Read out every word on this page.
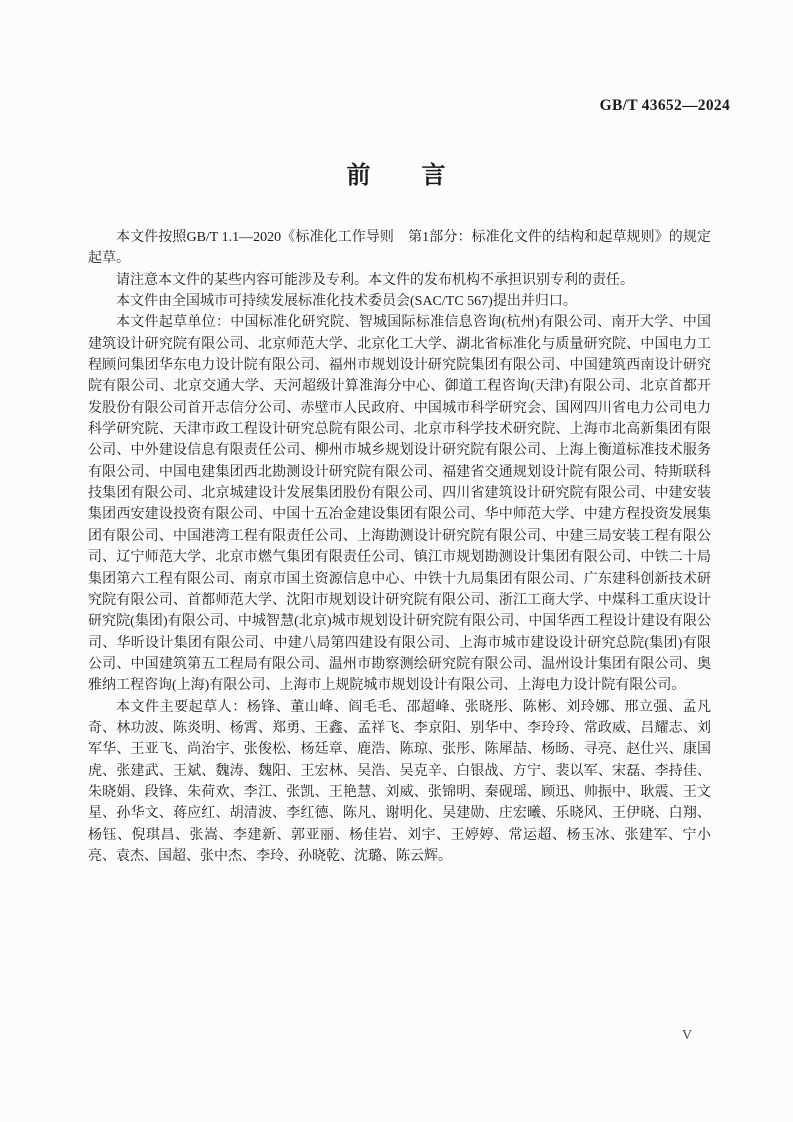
GB/T 43652—2024
前　　言

本文件按照GB/T 1.1—2020《标准化工作导则　第1部分：标准化文件的结构和起草规则》的规定起草。

请注意本文件的某些内容可能涉及专利。本文件的发布机构不承担识别专利的责任。

本文件由全国城市可持续发展标准化技术委员会(SAC/TC 567)提出并归口。

本文件起草单位：中国标准化研究院、智城国际标准信息咨询(杭州)有限公司、南开大学、中国建筑设计研究院有限公司、北京师范大学、北京化工大学、湖北省标准化与质量研究院、中国电力工程顾问集团华东电力设计院有限公司、福州市规划设计研究院集团有限公司、中国建筑西南设计研究院有限公司、北京交通大学、天河超级计算淮海分中心、御道工程咨询(天津)有限公司、北京首都开发股份有限公司首开志信分公司、赤壁市人民政府、中国城市科学研究会、国网四川省电力公司电力科学研究院、天津市政工程设计研究总院有限公司、北京市科学技术研究院、上海市北高新集团有限公司、中外建设信息有限责任公司、柳州市城乡规划设计研究院有限公司、上海上衡道标准技术服务有限公司、中国电建集团西北勘测设计研究院有限公司、福建省交通规划设计院有限公司、特斯联科技集团有限公司、北京城建设计发展集团股份有限公司、四川省建筑设计研究院有限公司、中建安装集团西安建设投资有限公司、中国十五冶金建设集团有限公司、华中师范大学、中建方程投资发展集团有限公司、中国港湾工程有限责任公司、上海勘测设计研究院有限公司、中建三局安装工程有限公司、辽宁师范大学、北京市燃气集团有限责任公司、镇江市规划勘测设计集团有限公司、中铁二十局集团第六工程有限公司、南京市国土资源信息中心、中铁十九局集团有限公司、广东建科创新技术研究院有限公司、首都师范大学、沈阳市规划设计研究院有限公司、浙江工商大学、中煤科工重庆设计研究院(集团)有限公司、中城智慧(北京)城市规划设计研究院有限公司、中国华西工程设计建设有限公司、华昕设计集团有限公司、中建八局第四建设有限公司、上海市城市建设设计研究总院(集团)有限公司、中国建筑第五工程局有限公司、温州市勘察测绘研究院有限公司、温州设计集团有限公司、奥雅纳工程咨询(上海)有限公司、上海市上规院城市规划设计有限公司、上海电力设计院有限公司。

本文件主要起草人：杨锋、董山峰、阎毛毛、邵超峰、张晓彤、陈彬、刘玲娜、邢立强、孟凡奇、林功波、陈炎明、杨霄、郑勇、王鑫、孟祥飞、李京阳、别华中、李玲玲、常政威、吕耀志、刘军华、王亚飞、尚治宇、张俊松、杨廷章、鹿浩、陈琼、张彤、陈犀喆、杨旸、寻亮、赵仕兴、康国虎、张建武、王斌、魏涛、魏阳、王宏林、吴浩、吴克辛、白银战、方宁、裴以军、宋磊、李持佳、朱晓娟、段锋、朱荷欢、李江、张凯、王艳慧、刘威、张锦明、秦砚瑶、顾迅、帅振中、耿震、王文星、孙华文、蒋应红、胡清波、李红德、陈凡、谢明化、吴建勋、庄宏曦、乐晓风、王伊晓、白翔、杨钰、倪琪昌、张嵩、李建新、郭亚丽、杨佳岩、刘宇、王婷婷、常运超、杨玉冰、张建军、宁小亮、袁杰、国超、张中杰、李玲、孙晓乾、沈璐、陈云辉。

V
